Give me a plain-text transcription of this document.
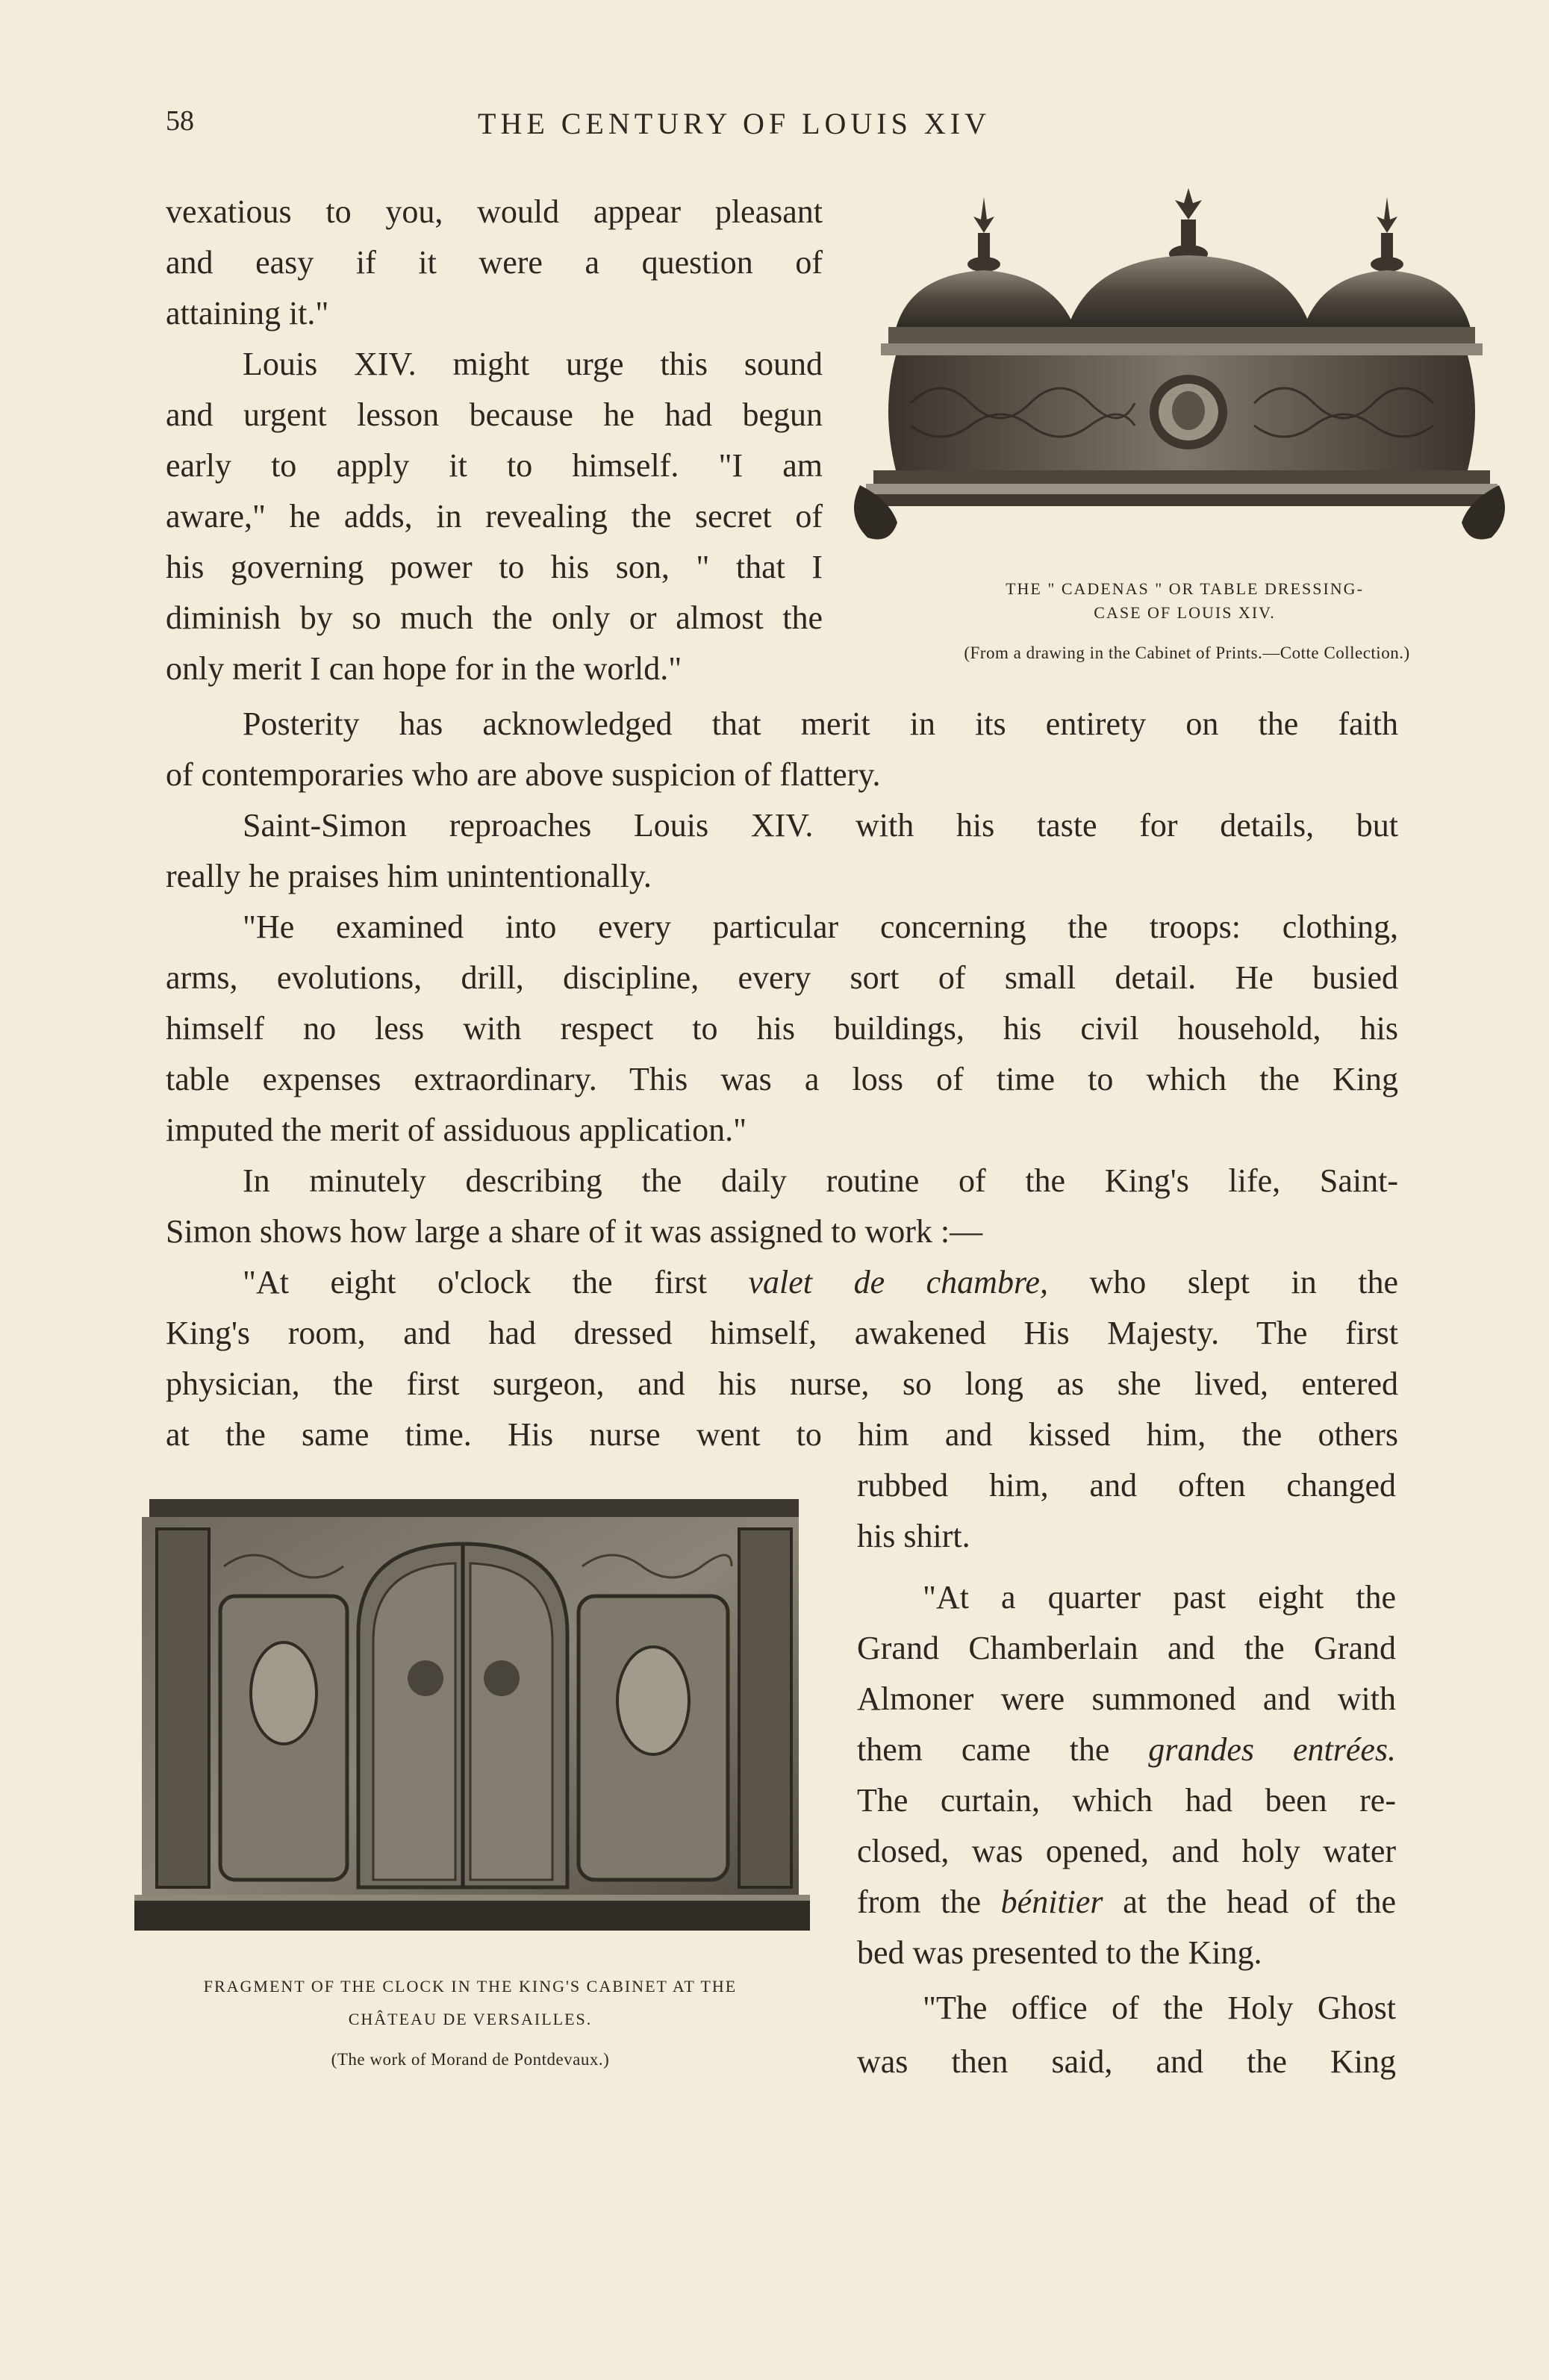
58	THE CENTURY OF LOUIS XIV

vexatious to you, would appear pleasant

and easy if it were a question of

attaining it."

Louis XIV. might urge this sound

and urgent lesson because he had begun

early to apply it to himself. "I am

aware," he adds, in revealing the secret of

his governing power to his son, " that I

diminish by so much the only or almost the

only merit I can hope for in the world."

THE " CADENAS " OR TABLE DRESSING-

CASE OF LOUIS XIV.

(From a drawing in the Cabinet of Prints.—Cotte Collection.)

Posterity has acknowledged that merit in its entirety on the faith

of contemporaries who are above suspicion of flattery.

Saint-Simon reproaches Louis XIV. with his taste for details, but

really he praises him unintentionally.

"He examined into every particular concerning the troops: clothing,

arms, evolutions, drill, discipline, every sort of small detail. He busied

himself no less with respect to his buildings, his civil household, his

table expenses extraordinary. This was a loss of time to which the King

imputed the merit of assiduous application."

In minutely describing the daily routine of the King's life, Saint-

Simon shows how large a share of it was assigned to work :—

"At eight o'clock the first valet de chambre, who slept in the

King's room, and had dressed himself, awakened His Majesty. The first

physician, the first surgeon, and his nurse, so long as she lived, entered

at the same time. His nurse went to him and kissed him, the others

FRAGMENT OF THE CLOCK IN THE KING'S CABINET AT THE

CHÂTEAU DE VERSAILLES.

(The work of Morand de Pontdevaux.)

rubbed him, and often changed

his shirt.

"At a quarter past eight the

Grand Chamberlain and the Grand

Almoner were summoned and with

them came the grandes entrées.

The curtain, which had been re-

closed, was opened, and holy water

from the bénitier at the head of the

bed was presented to the King.

"The office of the Holy Ghost

was then said, and the King
